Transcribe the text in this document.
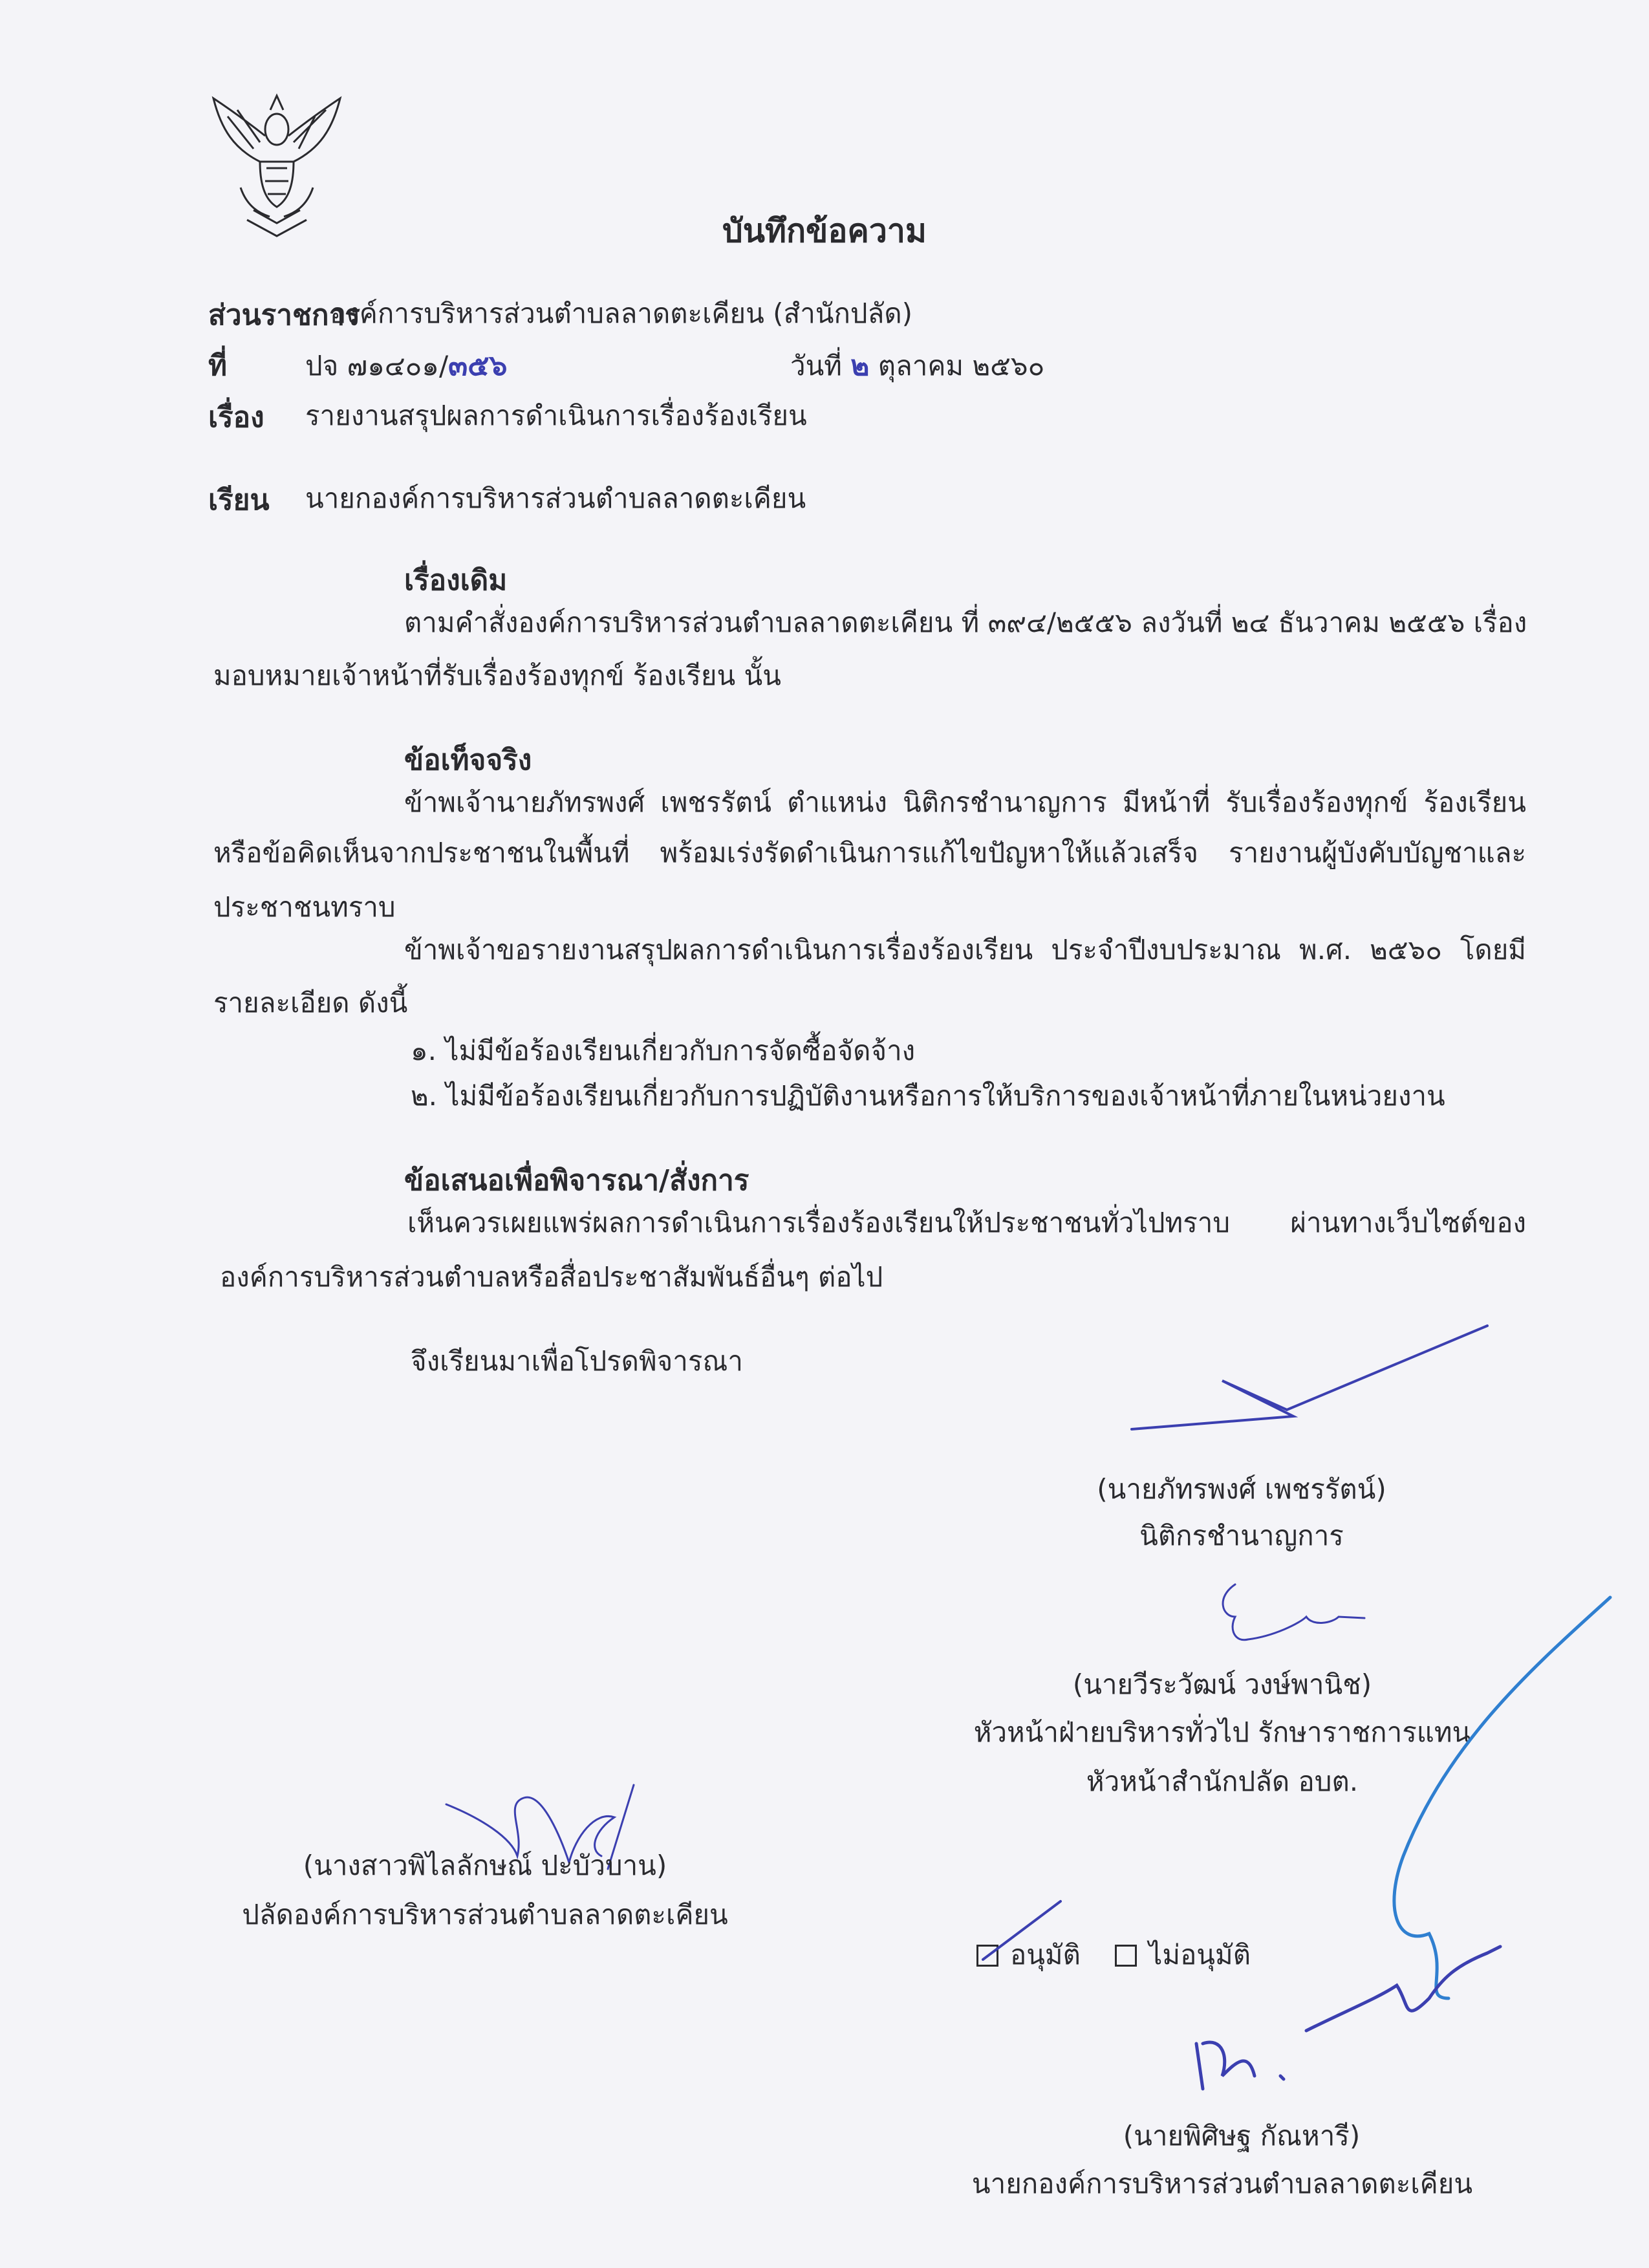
บันทึกข้อความ
ส่วนราชการ
องค์การบริหารส่วนตำบลลาดตะเคียน (สำนักปลัด)
ที่	ปจ ๗๑๔๐๑/๓๕๖	วันที่ ๒ ตุลาคม ๒๕๖๐
เรื่อง รายงานสรุปผลการดำเนินการเรื่องร้องเรียน
เรียน นายกองค์การบริหารส่วนตำบลลาดตะเคียน
เรื่องเดิม
ตามคำสั่งองค์การบริหารส่วนตำบลลาดตะเคียน ที่ ๓๙๔/๒๕๕๖ ลงวันที่ ๒๔ ธันวาคม ๒๕๕๖ เรื่อง
มอบหมายเจ้าหน้าที่รับเรื่องร้องทุกข์ ร้องเรียน นั้น
ข้อเท็จจริง
ข้าพเจ้านายภัทรพงศ์ เพชรรัตน์ ตำแหน่ง นิติกรชำนาญการ มีหน้าที่ รับเรื่องร้องทุกข์ ร้องเรียน
หรือข้อคิดเห็นจากประชาชนในพื้นที่ พร้อมเร่งรัดดำเนินการแก้ไขปัญหาให้แล้วเสร็จ รายงานผู้บังคับบัญชาและ
ประชาชนทราบ
ข้าพเจ้าขอรายงานสรุปผลการดำเนินการเรื่องร้องเรียน ประจำปีงบประมาณ พ.ศ. ๒๕๖๐ โดยมี
รายละเอียด ดังนี้
๑. ไม่มีข้อร้องเรียนเกี่ยวกับการจัดซื้อจัดจ้าง
๒. ไม่มีข้อร้องเรียนเกี่ยวกับการปฏิบัติงานหรือการให้บริการของเจ้าหน้าที่ภายในหน่วยงาน
ข้อเสนอเพื่อพิจารณา/สั่งการ
เห็นควรเผยแพร่ผลการดำเนินการเรื่องร้องเรียนให้ประชาชนทั่วไปทราบ ผ่านทางเว็บไซต์ของ
องค์การบริหารส่วนตำบลหรือสื่อประชาสัมพันธ์อื่นๆ ต่อไป
จึงเรียนมาเพื่อโปรดพิจารณา
(นายภัทรพงศ์ เพชรรัตน์)
นิติกรชำนาญการ
(นายวีระวัฒน์ วงษ์พานิช)
หัวหน้าฝ่ายบริหารทั่วไป รักษาราชการแทน
หัวหน้าสำนักปลัด อบต.
(นางสาวพิไลลักษณ์ ปะบัวบาน)
ปลัดองค์การบริหารส่วนตำบลลาดตะเคียน
อนุมัติ	ไม่อนุมัติ
(นายพิศิษฐ กัณหารี)
นายกองค์การบริหารส่วนตำบลลาดตะเคียน
